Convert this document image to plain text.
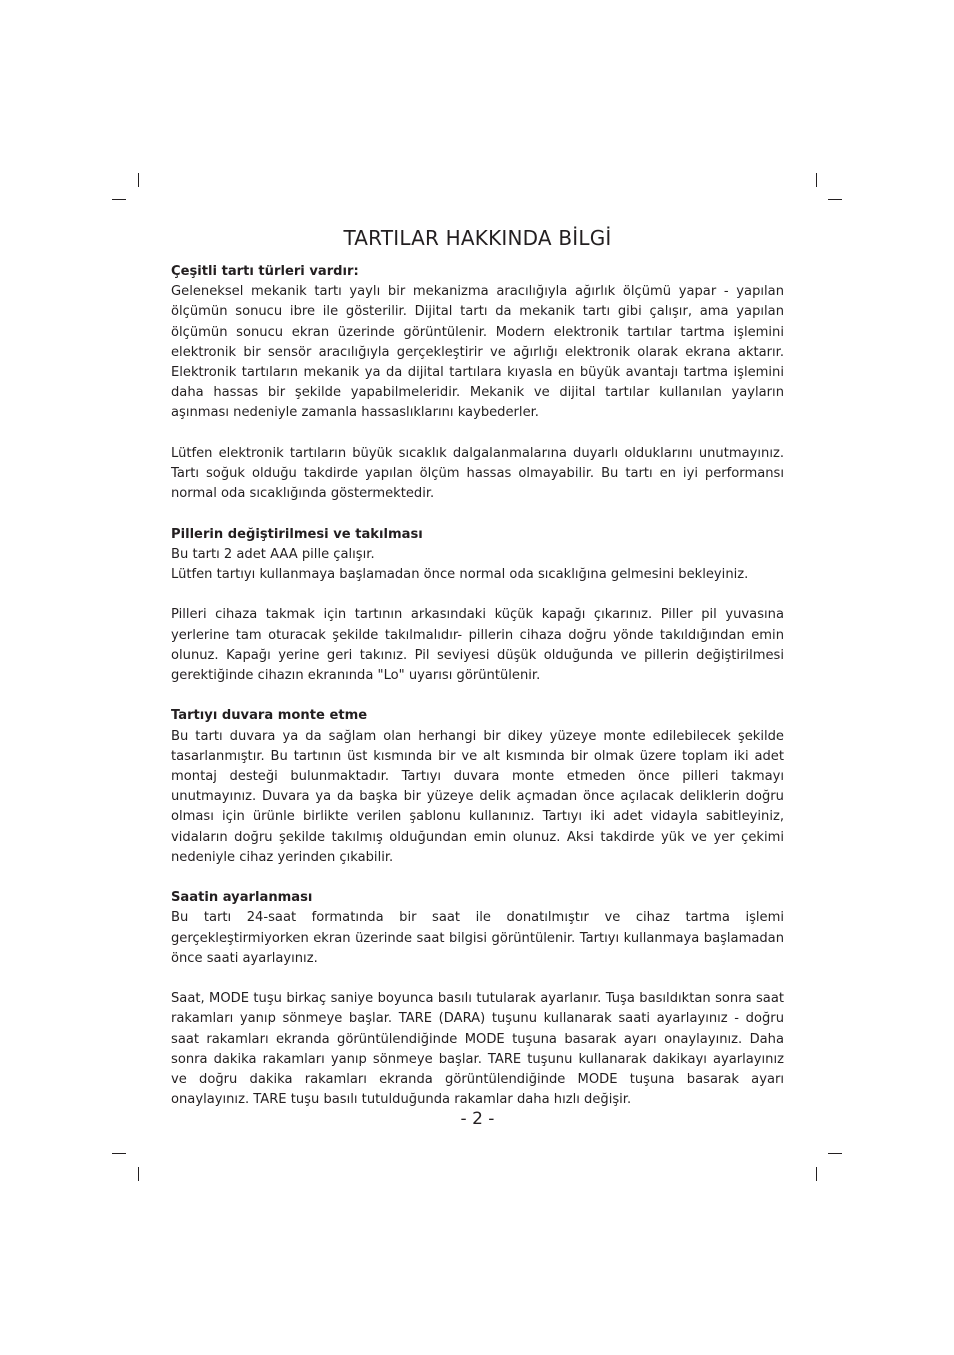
TARTILAR HAKKINDA BİLGİ

Çeşitli tartı türleri vardır:

Geleneksel mekanik tartı yaylı bir mekanizma aracılığıyla ağırlık ölçümü yapar - yapılan ölçümün sonucu ibre ile gösterilir. Dijital tartı da mekanik tartı gibi çalışır, ama yapılan ölçümün sonucu ekran üzerinde görüntülenir. Modern elektronik tartılar tartma işlemini elektronik bir sensör aracılığıyla gerçekleştirir ve ağırlığı elektronik olarak ekrana aktarır. Elektronik tartıların mekanik ya da dijital tartılara kıyasla en büyük avantajı tartma işlemini daha hassas bir şekilde yapabilmeleridir. Mekanik ve dijital tartılar kullanılan yayların aşınması nedeniyle zamanla hassaslıklarını kaybederler.

Lütfen elektronik tartıların büyük sıcaklık dalgalanmalarına duyarlı olduklarını unutmayınız. Tartı soğuk olduğu takdirde yapılan ölçüm hassas olmayabilir. Bu tartı en iyi performansı normal oda sıcaklığında göstermektedir.

Pillerin değiştirilmesi ve takılması

Bu tartı 2 adet AAA pille çalışır.

Lütfen tartıyı kullanmaya başlamadan önce normal oda sıcaklığına gelmesini bekleyiniz.

Pilleri cihaza takmak için tartının arkasındaki küçük kapağı çıkarınız. Piller pil yuvasına yerlerine tam oturacak şekilde takılmalıdır- pillerin cihaza doğru yönde takıldığından emin olunuz. Kapağı yerine geri takınız. Pil seviyesi düşük olduğunda ve pillerin değiştirilmesi gerektiğinde cihazın ekranında "Lo" uyarısı görüntülenir.

Tartıyı duvara monte etme

Bu tartı duvara ya da sağlam olan herhangi bir dikey yüzeye monte edilebilecek şekilde tasarlanmıştır. Bu tartının üst kısmında bir ve alt kısmında bir olmak üzere toplam iki adet montaj desteği bulunmaktadır. Tartıyı duvara monte etmeden önce pilleri takmayı unutmayınız. Duvara ya da başka bir yüzeye delik açmadan önce açılacak deliklerin doğru olması için ürünle birlikte verilen şablonu kullanınız. Tartıyı iki adet vidayla sabitleyiniz, vidaların doğru şekilde takılmış olduğundan emin olunuz. Aksi takdirde yük ve yer çekimi nedeniyle cihaz yerinden çıkabilir.

Saatin ayarlanması

Bu tartı 24-saat formatında bir saat ile donatılmıştır ve cihaz tartma işlemi gerçekleştirmiyorken ekran üzerinde saat bilgisi görüntülenir. Tartıyı kullanmaya başlamadan önce saati ayarlayınız.

Saat, MODE tuşu birkaç saniye boyunca basılı tutularak ayarlanır. Tuşa basıldıktan sonra saat rakamları yanıp sönmeye başlar. TARE (DARA) tuşunu kullanarak saati ayarlayınız - doğru saat rakamları ekranda görüntülendiğinde MODE tuşuna basarak ayarı onaylayınız. Daha sonra dakika rakamları yanıp sönmeye başlar. TARE tuşunu kullanarak dakikayı ayarlayınız ve doğru dakika rakamları ekranda görüntülendiğinde MODE tuşuna basarak ayarı onaylayınız. TARE tuşu basılı tutulduğunda rakamlar daha hızlı değişir.

- 2 -
